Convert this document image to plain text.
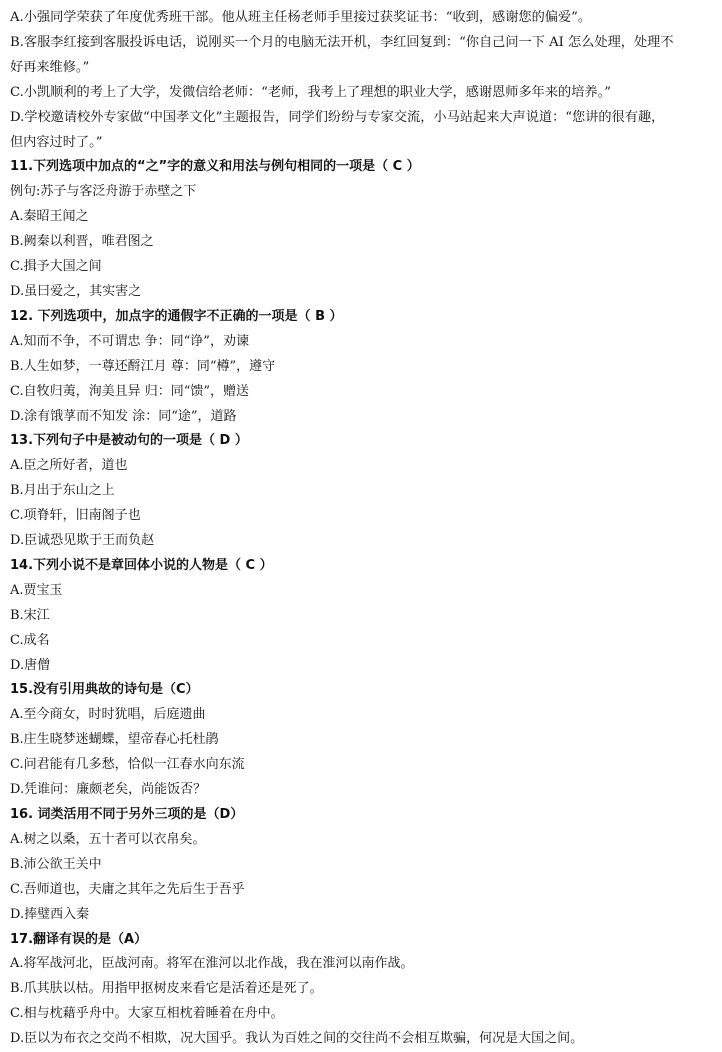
A.小强同学荣获了年度优秀班干部。他从班主任杨老师手里接过获奖证书：“收到，感谢您的偏爱”。
B.客服李红接到客服投诉电话，说刚买一个月的电脑无法开机，李红回复到：“你自己问一下 AI 怎么处理，处理不
好再来维修。”
C.小凯顺利的考上了大学，发微信给老师：“老师，我考上了理想的职业大学，感谢恩师多年来的培养。”
D.学校邀请校外专家做“中国孝文化”主题报告，同学们纷纷与专家交流，小马站起来大声说道：“您讲的很有趣，
但内容过时了。”
11.下列选项中加点的“之”字的意义和用法与例句相同的一项是（ C ）
例句:苏子与客泛舟游于赤壁之下
A.秦昭王闻之
B.阙秦以利晋，唯君图之
C.揖予大国之间
D.虽曰爱之，其实害之
12. 下列选项中，加点字的通假字不正确的一项是（ B ）
A.知而不争，不可谓忠 争：同“诤”，劝谏
B.人生如梦，一尊还酹江月 尊：同“樽”，遵守
C.自牧归荑，洵美且异 归：同“馈”，赠送
D.涂有饿莩而不知发 涂：同“途”，道路
13.下列句子中是被动句的一项是（ D ）
A.臣之所好者，道也
B.月出于东山之上
C.项脊轩，旧南阁子也
D.臣诚恐见欺于王而负赵
14.下列小说不是章回体小说的人物是（ C ）
A.贾宝玉
B.宋江
C.成名
D.唐僧
15.没有引用典故的诗句是（C）
A.至今商女，时时犹唱，后庭遗曲
B.庄生晓梦迷蝴蝶，望帝春心托杜鹃
C.问君能有几多愁，恰似一江春水向东流
D.凭谁问：廉颇老矣，尚能饭否？
16. 词类活用不同于另外三项的是（D）
A.树之以桑，五十者可以衣帛矣。
B.沛公欲王关中
C.吾师道也，夫庸之其年之先后生于吾乎
D.捧璧西入秦
17.翻译有误的是（A）
A.将军战河北，臣战河南。将军在淮河以北作战，我在淮河以南作战。
B.爪其肤以枯。用指甲抠树皮来看它是活着还是死了。
C.相与枕藉乎舟中。大家互相枕着睡着在舟中。
D.臣以为布衣之交尚不相欺，况大国乎。我认为百姓之间的交往尚不会相互欺骗，何况是大国之间。
